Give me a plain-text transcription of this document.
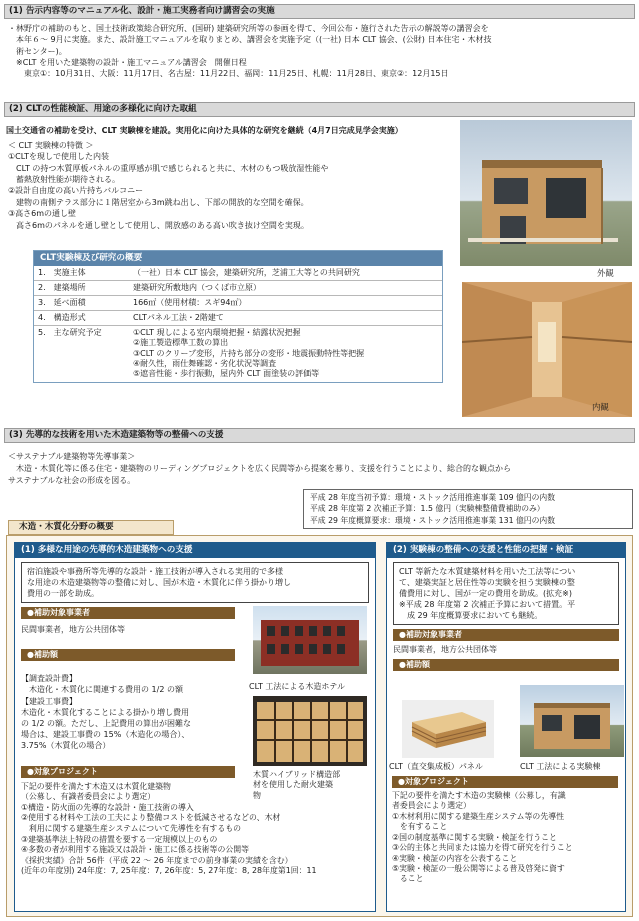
(1) 告示内容等のマニュアル化、設計・施工実務者向け講習会の実施
・林野庁の補助のもと、国土技術政策総合研究所、(国研) 建築研究所等の参画を得て、今回公布・施行された告示の解説等の講習会を
　本年６～ 9月に実施。また、設計施工マニュアルを取りまとめ、講習会を実施予定（(一社) 日本 CLT 協会、(公財) 日本住宅・木材技
　術センター)。
　※CLT を用いた建築物の設計・施工マニュアル講習会　開催日程
　　東京①：10月31日、大阪：11月17日、名古屋：11月22日、福岡：11月25日、札幌：11月28日、東京②：12月15日
(2) CLTの性能検証、用途の多様化に向けた取組
国土交通省の補助を受け、CLT 実験棟を建設。実用化に向けた具体的な研究を継続（4月7日完成見学会実施）
＜ CLT 実験棟の特徴 ＞
①CLTを現しで使用した内装
　CLT の持つ木質厚板パネルの重厚感が肌で感じられると共に、木材のもつ吸放湿性能や
　蓄熱放射性能が期待される。
②設計自由度の高い片持ちバルコニー
　建物の南側テラス部分に１階居室から3m跳ね出し、下部の開放的な空間を確保。
③高さ6mの通し壁
　高さ6mのパネルを通し壁として使用し、開放感のある高い吹き抜け空間を実現。
CLT実験棟及び研究の概要
1.　実施主体	（一社）日本 CLT 協会，建築研究所，芝浦工大等との共同研究
2.　建築場所	建築研究所敷地内（つくば市立原）
3.　延べ面積	166㎡（使用材積：スギ94㎥）
4.　構造形式	CLTパネル工法・2階建て
5.　主な研究予定	①CLT 現しによる室内環境把握・結露状況把握
②施工製造標準工数の算出
③CLT のクリープ変形，片持ち部分の変形・地震振動特性等把握
④耐久性，雨仕舞確認・劣化状況等調査
⑤遮音性能・歩行振動，屋内外 CLT 面塗装の評価等
外観
内観
(3) 先導的な技術を用いた木造建築物等の整備への支援
＜サステナブル建築物等先導事業＞
　木造・木質化等に係る住宅・建築物のリーディングプロジェクトを広く民間等から提案を募り、支援を行うことにより、総合的な観点から
サステナブルな社会の形成を図る。
平成 28 年度当初予算：環境・ストック活用推進事業 109 億円の内数
平成 28 年度第 2 次補正予算：1.5 億円（実験棟整備費補助のみ）
平成 29 年度概算要求：環境・ストック活用推進事業 131 億円の内数
木造・木質化分野の概要
(1) 多様な用途の先導的木造建築物への支援
宿泊施設や事務所等先導的な設計・施工技術が導入される実用的で多様
な用途の木造建築物等の整備に対し、国が木造・木質化に伴う掛かり増し
費用の一部を助成。
●補助対象事業者
民間事業者，地方公共団体等
●補助額
【調査設計費】
　木造化・木質化に関連する費用の 1/2 の額
【建設工事費】
木造化・木質化することによる掛かり増し費用
の 1/2 の額。ただし、上記費用の算出が困難な
場合は、建設工事費の 15%（木造化の場合）、
3.75%（木質化の場合）
●対象プロジェクト
下記の要件を満たす木造又は木質化建築物
（公募し、有識者委員会により選定）
①構造・防火面の先導的な設計・施工技術の導入
②使用する材料や工法の工夫により整備コストを低減させるなどの、木材
　利用に関する建築生産システムについて先導性を有するもの
③建築基準法上特段の措置を要する一定規模以上のもの
④多数の者が利用する施設又は設計・施工に係る技術等の公開等
《採択実績》合計 56件（平成 22 ～ 26 年度までの前身事業の実績を含む）
(近年の年度別) 24年度：7, 25年度：7, 26年度：5, 27年度：8, 28年度第1回：11
CLT 工法による木造ホテル
木質ハイブリッド構造部
材を使用した耐火建築
物
(2) 実験棟の整備への支援と性能の把握・検証
CLT 等新たな木質建築材料を用いた工法等につい
て、建築実証と居住性等の実験を担う実験棟の整
備費用に対し、国が一定の費用を助成。(拡充※)
※平成 28 年度第 2 次補正予算において措置。平
　成 29 年度概算要求においても継続。
●補助対象事業者
民間事業者，地方公共団体等
●補助額
CLT（直交集成板）パネル	CLT 工法による実験棟
●対象プロジェクト
下記の要件を満たす木造の実験棟（公募し，有識
者委員会により選定）
①木材利用に関する建築生産システム等の先導性
　を有すること
②国の制度基準に関する実験・検証を行うこと
③公的主体と共同または協力を得て研究を行うこと
④実験・検証の内容を公表すること
⑤実験・検証の一般公開等による普及啓発に資す
　ること
